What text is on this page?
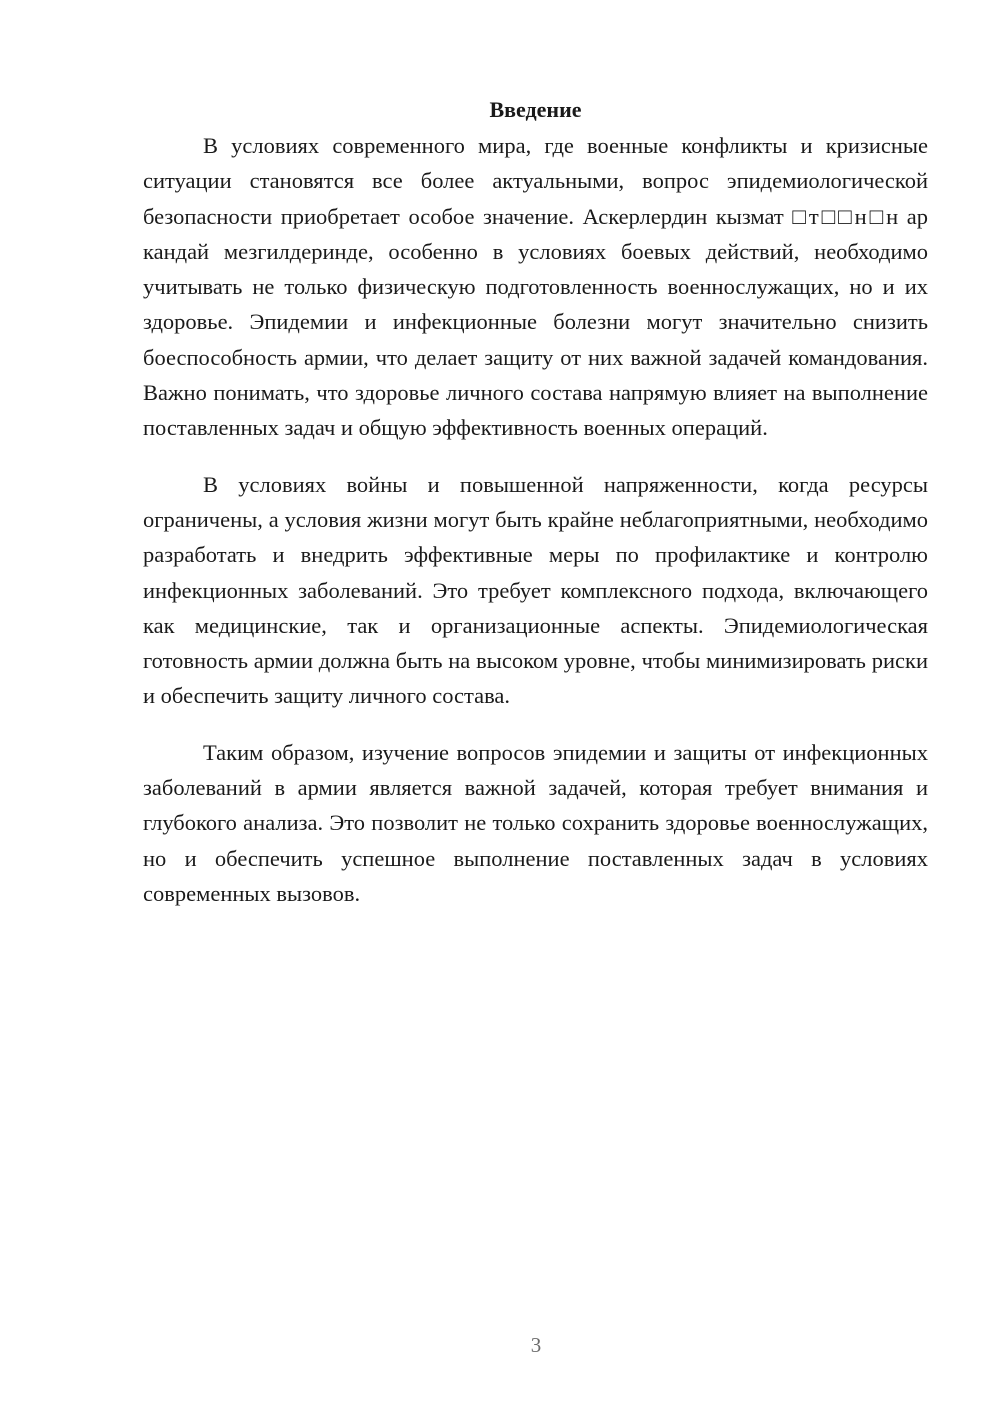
Введение

В условиях современного мира, где военные конфликты и кризисные ситуации становятся все более актуальными, вопрос эпидемиологической безопасности приобретает особое значение. Аскерлердин кызмат □т□□н□н ар кандай мезгилдеринде, особенно в условиях боевых действий, необходимо учитывать не только физическую подготовленность военнослужащих, но и их здоровье. Эпидемии и инфекционные болезни могут значительно снизить боеспособность армии, что делает защиту от них важной задачей командования. Важно понимать, что здоровье личного состава напрямую влияет на выполнение поставленных задач и общую эффективность военных операций.

В условиях войны и повышенной напряженности, когда ресурсы ограничены, а условия жизни могут быть крайне неблагоприятными, необходимо разработать и внедрить эффективные меры по профилактике и контролю инфекционных заболеваний. Это требует комплексного подхода, включающего как медицинские, так и организационные аспекты. Эпидемиологическая готовность армии должна быть на высоком уровне, чтобы минимизировать риски и обеспечить защиту личного состава.

Таким образом, изучение вопросов эпидемии и защиты от инфекционных заболеваний в армии является важной задачей, которая требует внимания и глубокого анализа. Это позволит не только сохранить здоровье военнослужащих, но и обеспечить успешное выполнение поставленных задач в условиях современных вызовов.

3
